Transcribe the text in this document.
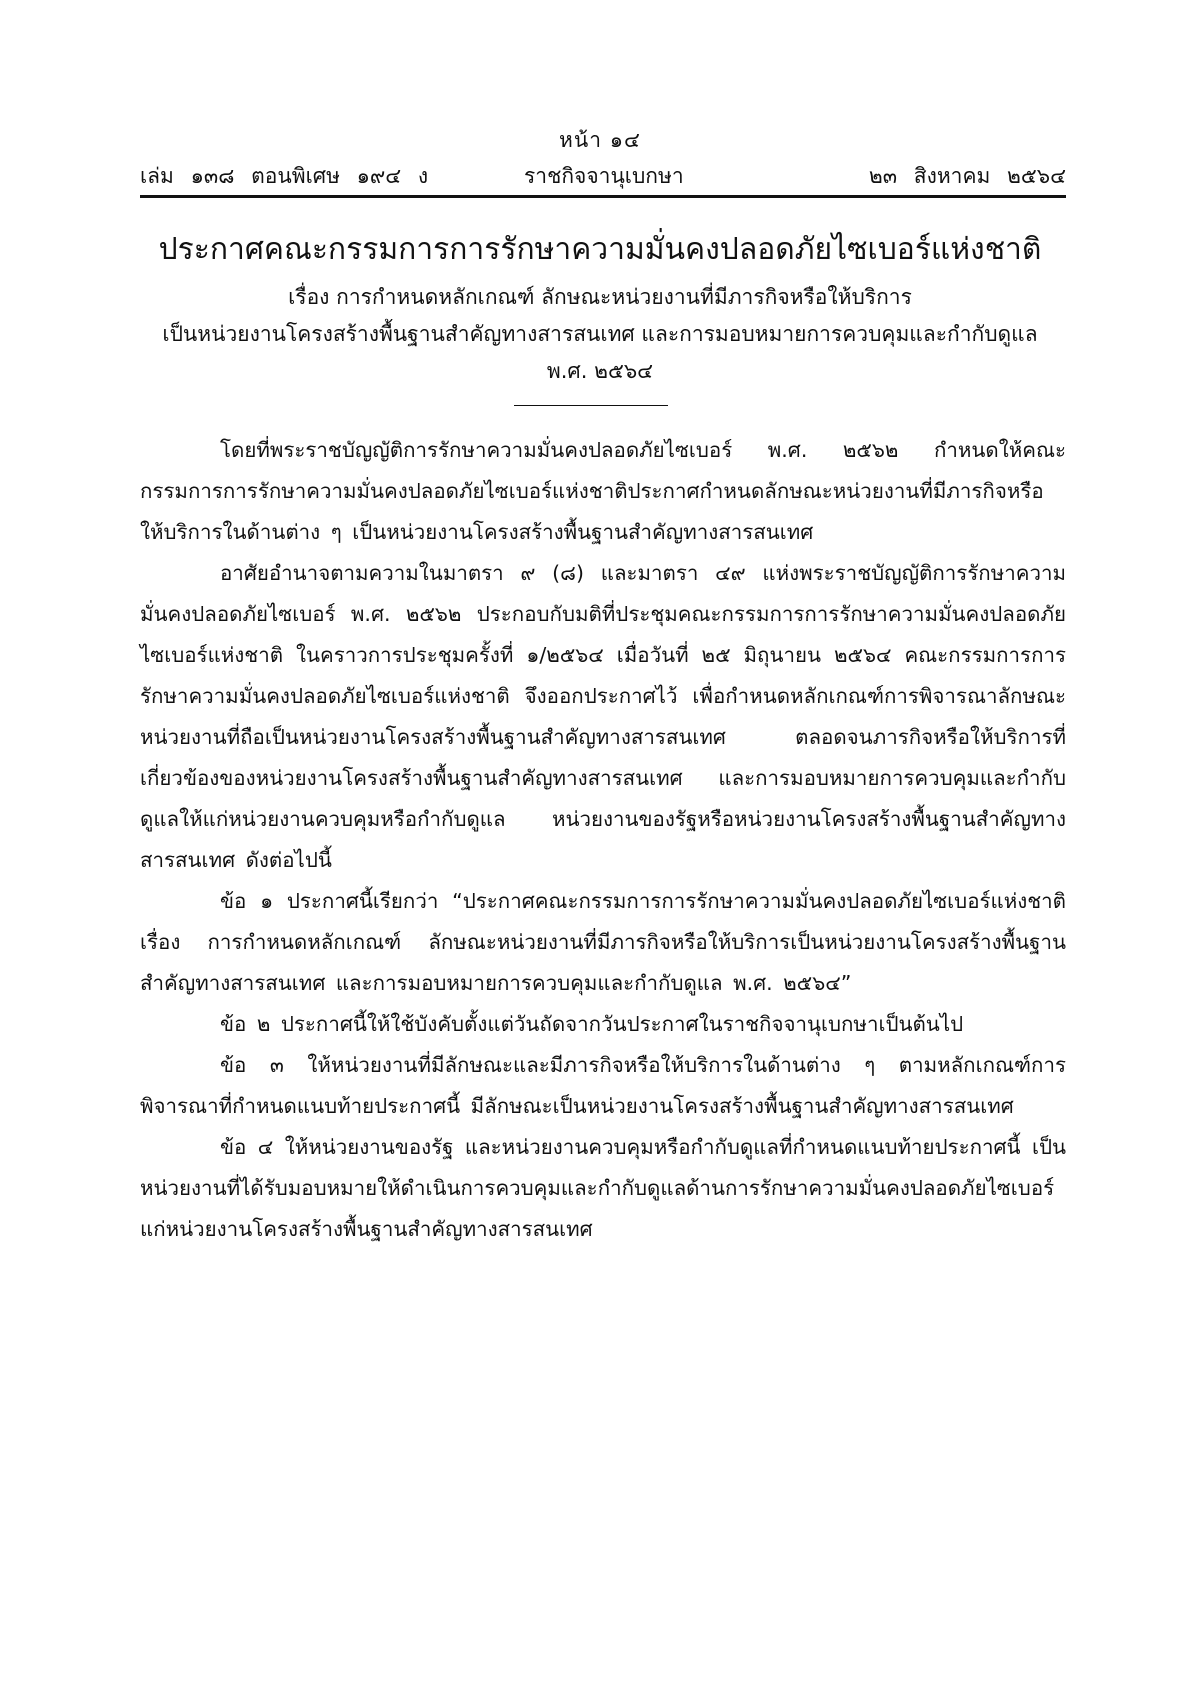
หน้า ๑๔
เล่ม ๑๓๘ ตอนพิเศษ ๑๙๔ ง	ราชกิจจานุเบกษา	๒๓ สิงหาคม ๒๕๖๔
ประกาศคณะกรรมการการรักษาความมั่นคงปลอดภัยไซเบอร์แห่งชาติ
เรื่อง การกำหนดหลักเกณฑ์ ลักษณะหน่วยงานที่มีภารกิจหรือให้บริการ
เป็นหน่วยงานโครงสร้างพื้นฐานสำคัญทางสารสนเทศ และการมอบหมายการควบคุมและกำกับดูแล
พ.ศ. ๒๕๖๔

โดยที่พระราชบัญญัติการรักษาความมั่นคงปลอดภัยไซเบอร์ พ.ศ. ๒๕๖๒ กำหนดให้คณะกรรมการการรักษาความมั่นคงปลอดภัยไซเบอร์แห่งชาติประกาศกำหนดลักษณะหน่วยงานที่มีภารกิจหรือให้บริการในด้านต่าง ๆ เป็นหน่วยงานโครงสร้างพื้นฐานสำคัญทางสารสนเทศ

อาศัยอำนาจตามความในมาตรา ๙ (๘) และมาตรา ๔๙ แห่งพระราชบัญญัติการรักษาความมั่นคงปลอดภัยไซเบอร์ พ.ศ. ๒๕๖๒ ประกอบกับมติที่ประชุมคณะกรรมการการรักษาความมั่นคงปลอดภัยไซเบอร์แห่งชาติ ในคราวการประชุมครั้งที่ ๑/๒๕๖๔ เมื่อวันที่ ๒๕ มิถุนายน ๒๕๖๔ คณะกรรมการการรักษาความมั่นคงปลอดภัยไซเบอร์แห่งชาติ จึงออกประกาศไว้ เพื่อกำหนดหลักเกณฑ์การพิจารณาลักษณะหน่วยงานที่ถือเป็นหน่วยงานโครงสร้างพื้นฐานสำคัญทางสารสนเทศ ตลอดจนภารกิจหรือให้บริการที่เกี่ยวข้องของหน่วยงานโครงสร้างพื้นฐานสำคัญทางสารสนเทศ และการมอบหมายการควบคุมและกำกับดูแลให้แก่หน่วยงานควบคุมหรือกำกับดูแล หน่วยงานของรัฐหรือหน่วยงานโครงสร้างพื้นฐานสำคัญทางสารสนเทศ ดังต่อไปนี้

ข้อ ๑ ประกาศนี้เรียกว่า “ประกาศคณะกรรมการการรักษาความมั่นคงปลอดภัยไซเบอร์แห่งชาติ เรื่อง การกำหนดหลักเกณฑ์ ลักษณะหน่วยงานที่มีภารกิจหรือให้บริการเป็นหน่วยงานโครงสร้างพื้นฐานสำคัญทางสารสนเทศ และการมอบหมายการควบคุมและกำกับดูแล พ.ศ. ๒๕๖๔”

ข้อ ๒ ประกาศนี้ให้ใช้บังคับตั้งแต่วันถัดจากวันประกาศในราชกิจจานุเบกษาเป็นต้นไป

ข้อ ๓ ให้หน่วยงานที่มีลักษณะและมีภารกิจหรือให้บริการในด้านต่าง ๆ ตามหลักเกณฑ์การพิจารณาที่กำหนดแนบท้ายประกาศนี้ มีลักษณะเป็นหน่วยงานโครงสร้างพื้นฐานสำคัญทางสารสนเทศ

ข้อ ๔ ให้หน่วยงานของรัฐ และหน่วยงานควบคุมหรือกำกับดูแลที่กำหนดแนบท้ายประกาศนี้ เป็นหน่วยงานที่ได้รับมอบหมายให้ดำเนินการควบคุมและกำกับดูแลด้านการรักษาความมั่นคงปลอดภัยไซเบอร์แก่หน่วยงานโครงสร้างพื้นฐานสำคัญทางสารสนเทศ
